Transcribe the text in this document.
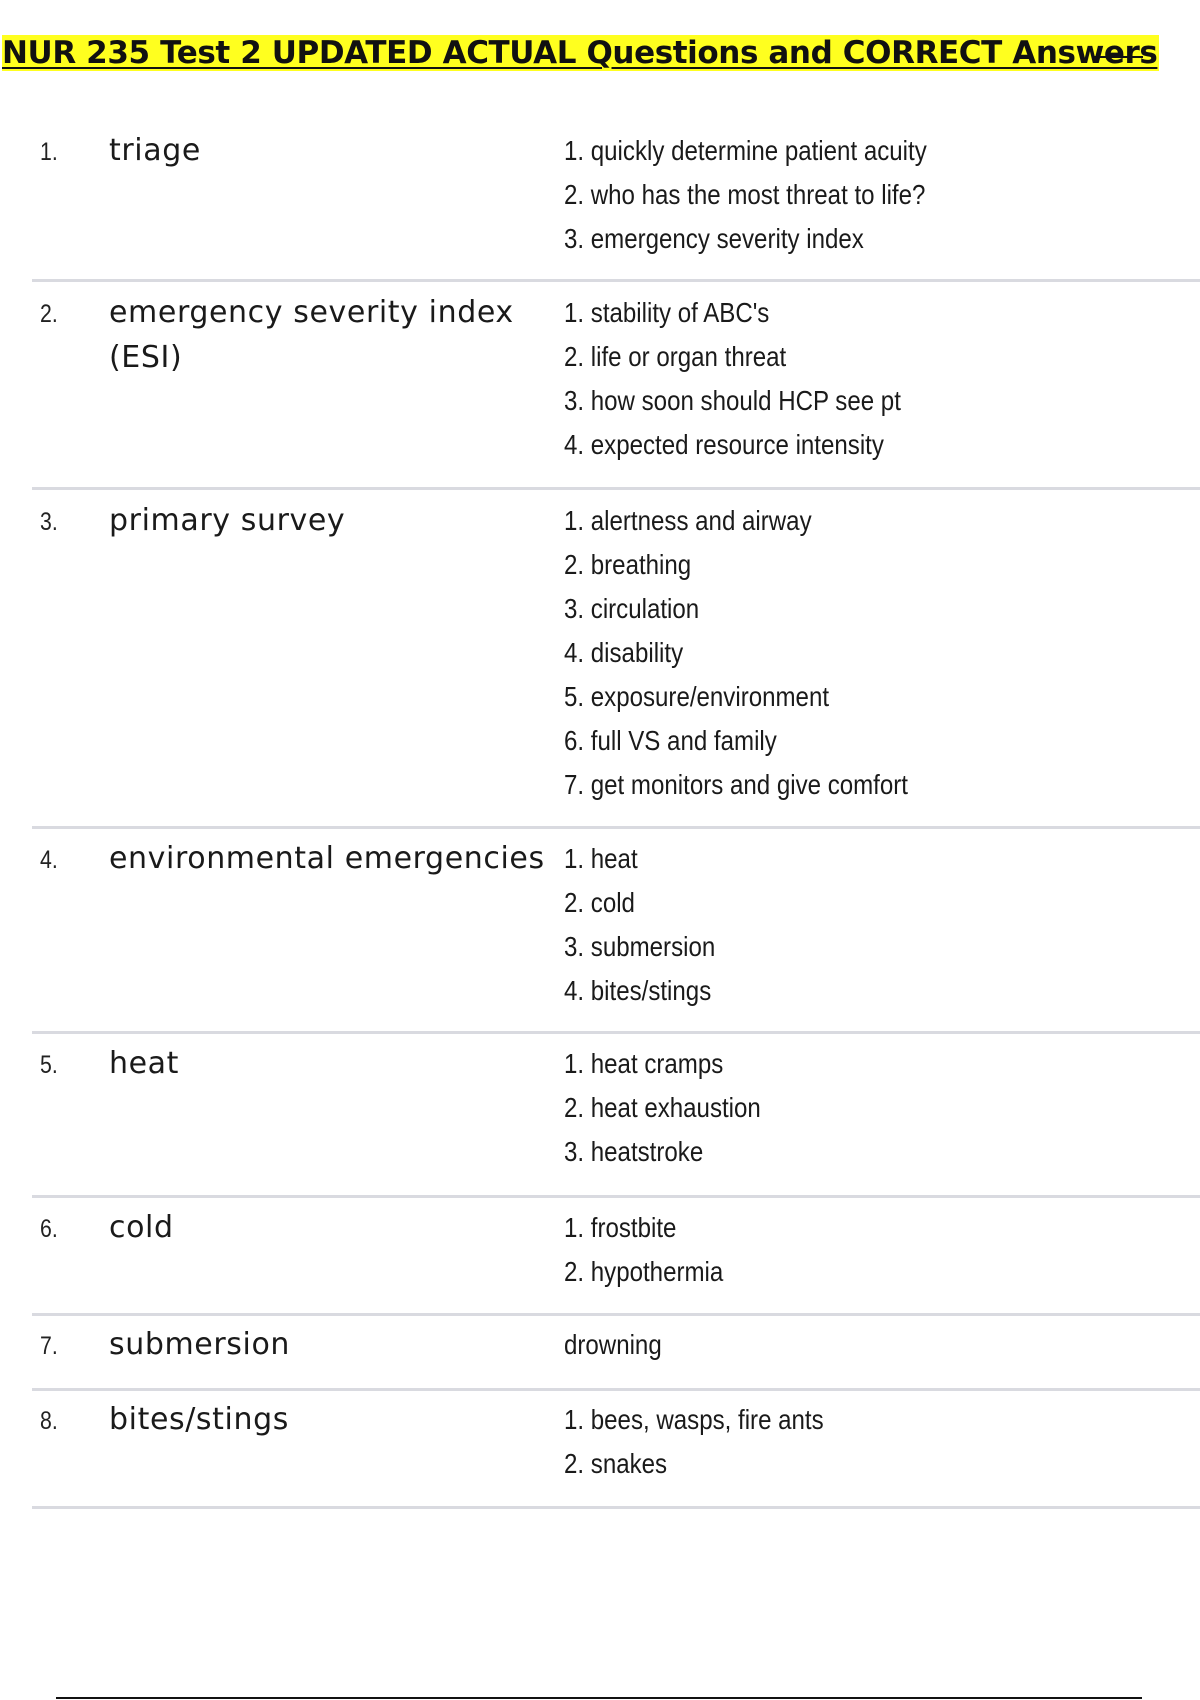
NUR 235 Test 2 UPDATED ACTUAL Questions and CORRECT Answers
1. triage	1. quickly determine patient acuity
2. who has the most threat to life?
3. emergency severity index
2. emergency severity index (ESI)
1. stability of ABC's
2. life or organ threat
3. how soon should HCP see pt
4. expected resource intensity
3. primary survey	1. alertness and airway
2. breathing
3. circulation
4. disability
5. exposure/environment
6. full VS and family
7. get monitors and give comfort
4. environmental emergencies 1. heat
2. cold
3. submersion
4. bites/stings
5. heat	1. heat cramps
2. heat exhaustion
3. heatstroke
6. cold	1. frostbite
2. hypothermia
7. submersion	drowning
8. bites/stings	1. bees, wasps, fire ants
2. snakes
